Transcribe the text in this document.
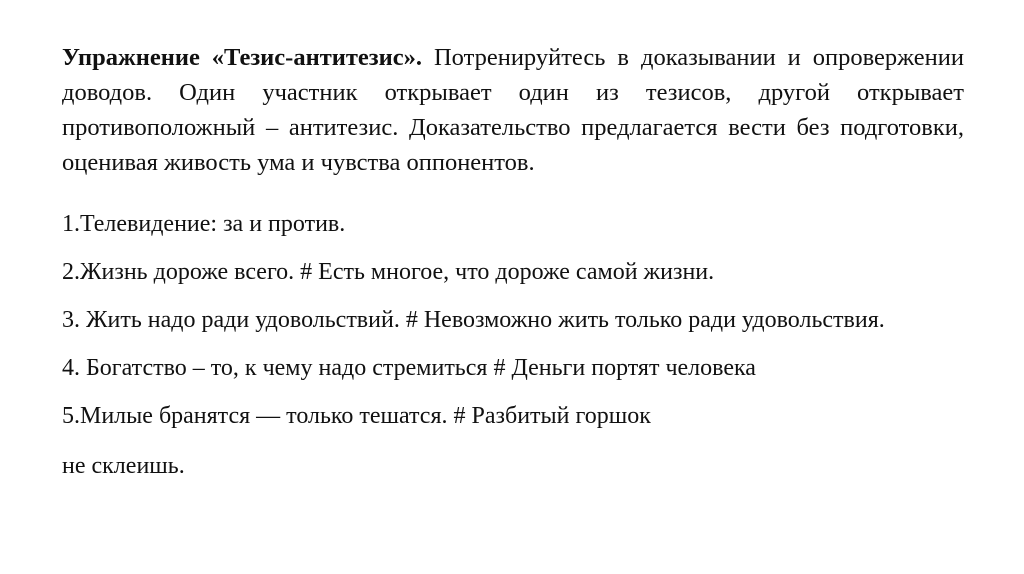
Упражнение «Тезис-антитезис». Потренируйтесь в доказывании и опровержении доводов. Один участник открывает один из тезисов, другой открывает противоположный – антитезис. Доказательство предлагается вести без подготовки, оценивая живость ума и чувства оппонентов.

1.Телевидение: за и против.

2.Жизнь дороже всего. # Есть многое, что дороже самой жизни.

3. Жить надо ради удовольствий. # Невозможно жить только ради удовольствия.

4. Богатство – то, к чему надо стремиться # Деньги портят человека

5.Милые бранятся — только тешатся. # Разбитый горшок

не склеишь.
